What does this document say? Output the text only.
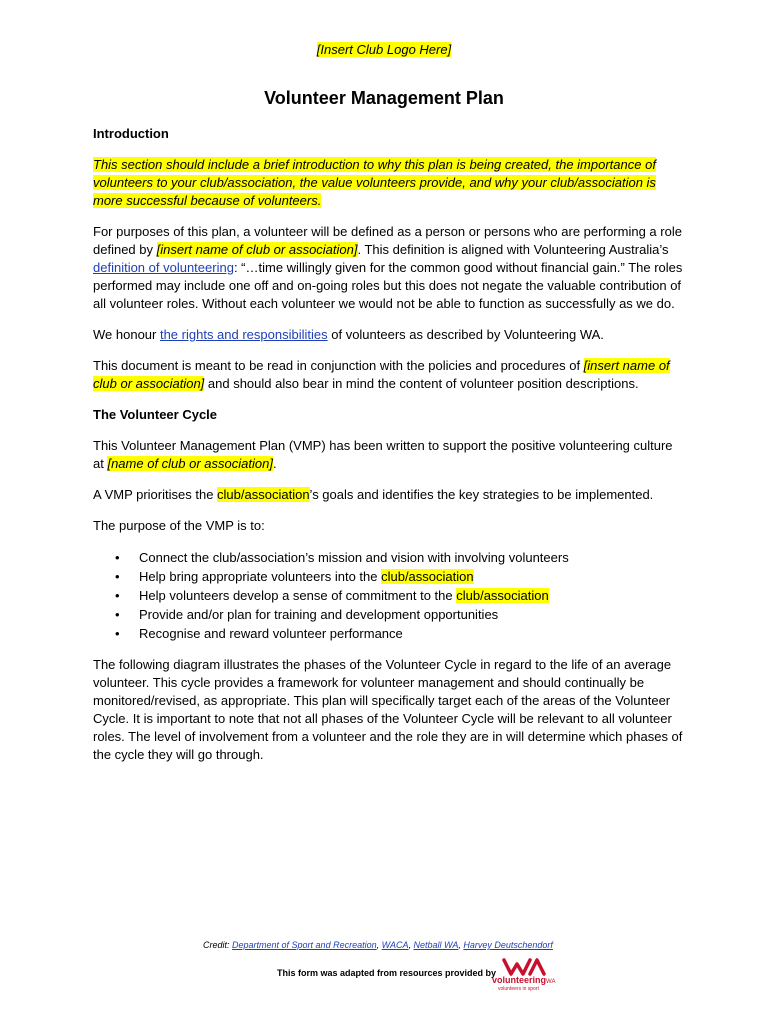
[Insert Club Logo Here]
Volunteer Management Plan
Introduction

This section should include a brief introduction to why this plan is being created, the importance of volunteers to your club/association, the value volunteers provide, and why your club/association is more successful because of volunteers.

For purposes of this plan, a volunteer will be defined as a person or persons who are performing a role defined by [insert name of club or association]. This definition is aligned with Volunteering Australia’s definition of volunteering: “…time willingly given for the common good without financial gain.” The roles performed may include one off and on-going roles but this does not negate the valuable contribution of all volunteer roles. Without each volunteer we would not be able to function as successfully as we do.

We honour the rights and responsibilities of volunteers as described by Volunteering WA.

This document is meant to be read in conjunction with the policies and procedures of [insert name of club or association] and should also bear in mind the content of volunteer position descriptions.

The Volunteer Cycle

This Volunteer Management Plan (VMP) has been written to support the positive volunteering culture at [name of club or association].

A VMP prioritises the club/association’s goals and identifies the key strategies to be implemented.

The purpose of the VMP is to:

• Connect the club/association’s mission and vision with involving volunteers
• Help bring appropriate volunteers into the club/association
• Help volunteers develop a sense of commitment to the club/association
• Provide and/or plan for training and development opportunities
• Recognise and reward volunteer performance

The following diagram illustrates the phases of the Volunteer Cycle in regard to the life of an average volunteer. This cycle provides a framework for volunteer management and should continually be monitored/revised, as appropriate. This plan will specifically target each of the areas of the Volunteer Cycle. It is important to note that not all phases of the Volunteer Cycle will be relevant to all volunteer roles. The level of involvement from a volunteer and the role they are in will determine which phases of the cycle they will go through.

Credit: Department of Sport and Recreation, WACA, Netball WA, Harvey Deutschendorf
This form was adapted from resources provided by
volunteeringWA
volunteers in sport
